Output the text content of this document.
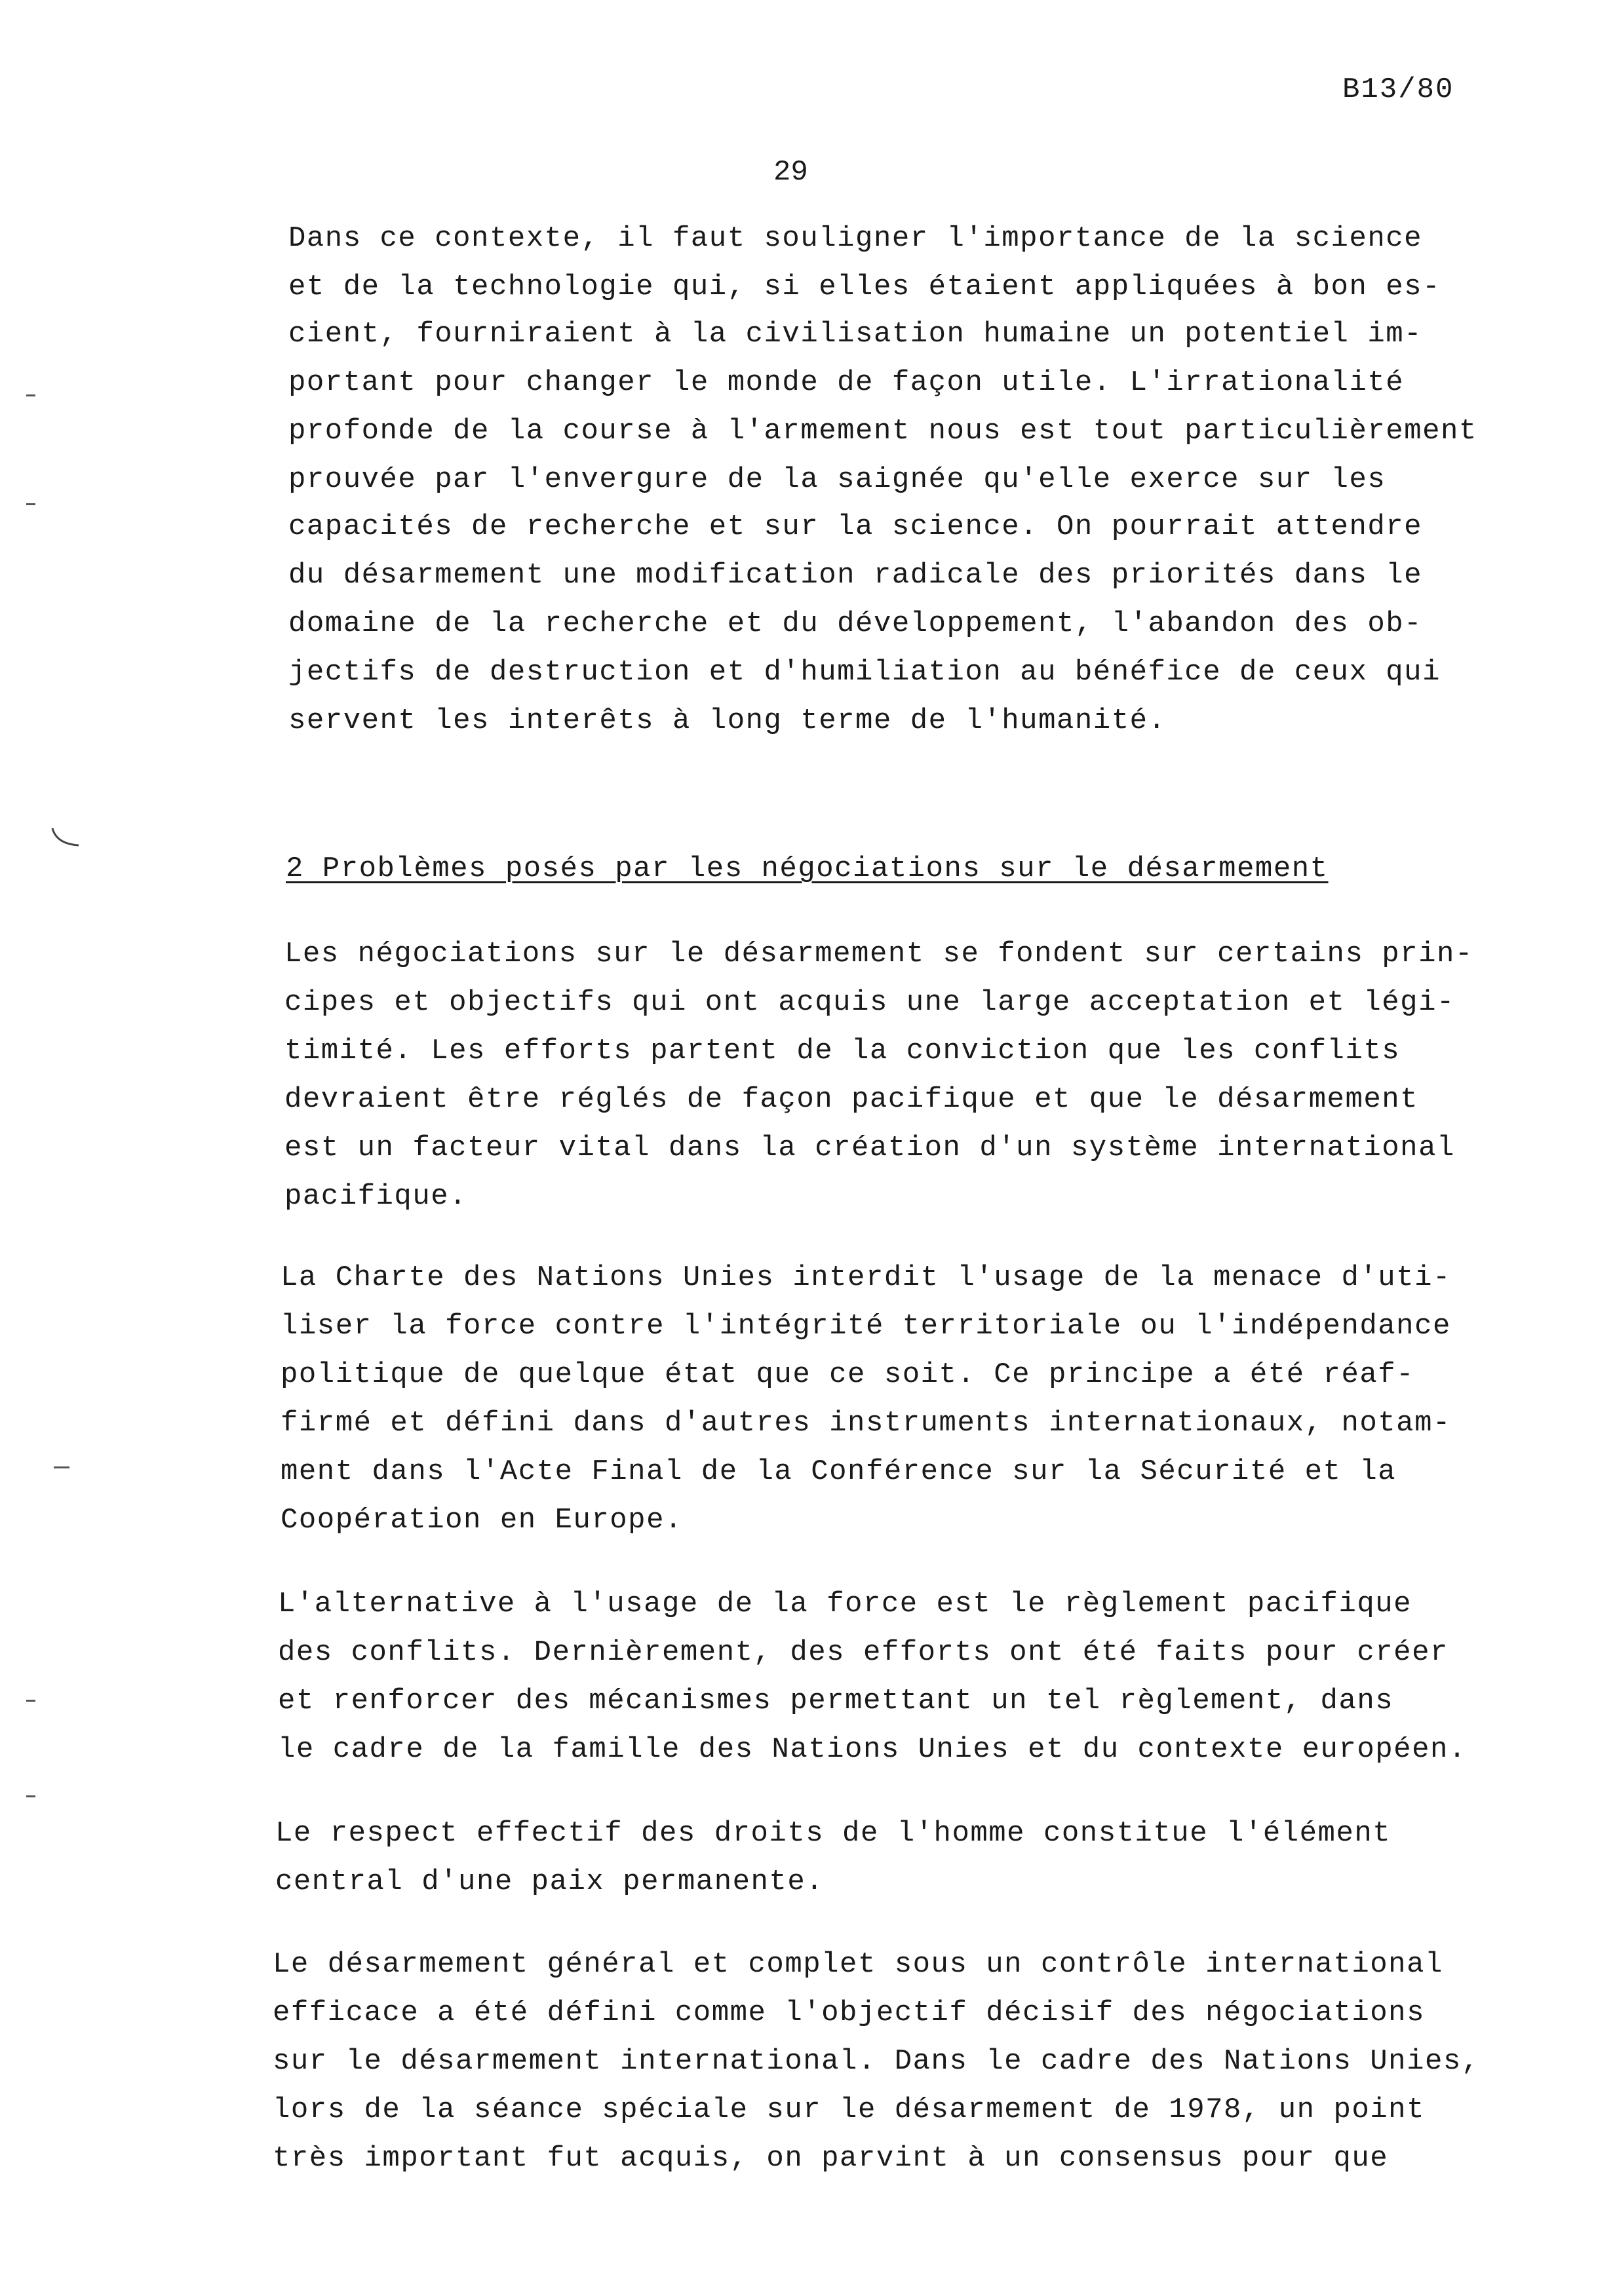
B13/80
29
Dans ce contexte, il faut souligner l'importance de la science
et de la technologie qui, si elles étaient appliquées à bon es-
cient, fourniraient à la civilisation humaine un potentiel im-
portant pour changer le monde de façon utile. L'irrationalité
profonde de la course à l'armement nous est tout particulièrement
prouvée par l'envergure de la saignée qu'elle exerce sur les
capacités de recherche et sur la science. On pourrait attendre
du désarmement une modification radicale des priorités dans le
domaine de la recherche et du développement, l'abandon des ob-
jectifs de destruction et d'humiliation au bénéfice de ceux qui
servent les interêts à long terme de l'humanité.
2 Problèmes posés par les négociations sur le désarmement
Les négociations sur le désarmement se fondent sur certains prin-
cipes et objectifs qui ont acquis une large acceptation et légi-
timité. Les efforts partent de la conviction que les conflits
devraient être réglés de façon pacifique et que le désarmement
est un facteur vital dans la création d'un système international
pacifique.
La Charte des Nations Unies interdit l'usage de la menace d'uti-
liser la force contre l'intégrité territoriale ou l'indépendance
politique de quelque état que ce soit. Ce principe a été réaf-
firmé et défini dans d'autres instruments internationaux, notam-
ment dans l'Acte Final de la Conférence sur la Sécurité et la
Coopération en Europe.
L'alternative à l'usage de la force est le règlement pacifique
des conflits. Dernièrement, des efforts ont été faits pour créer
et renforcer des mécanismes permettant un tel règlement, dans
le cadre de la famille des Nations Unies et du contexte européen.
Le respect effectif des droits de l'homme constitue l'élément
central d'une paix permanente.
Le désarmement général et complet sous un contrôle international
efficace a été défini comme l'objectif décisif des négociations
sur le désarmement international. Dans le cadre des Nations Unies,
lors de la séance spéciale sur le désarmement de 1978, un point
très important fut acquis, on parvint à un consensus pour que
